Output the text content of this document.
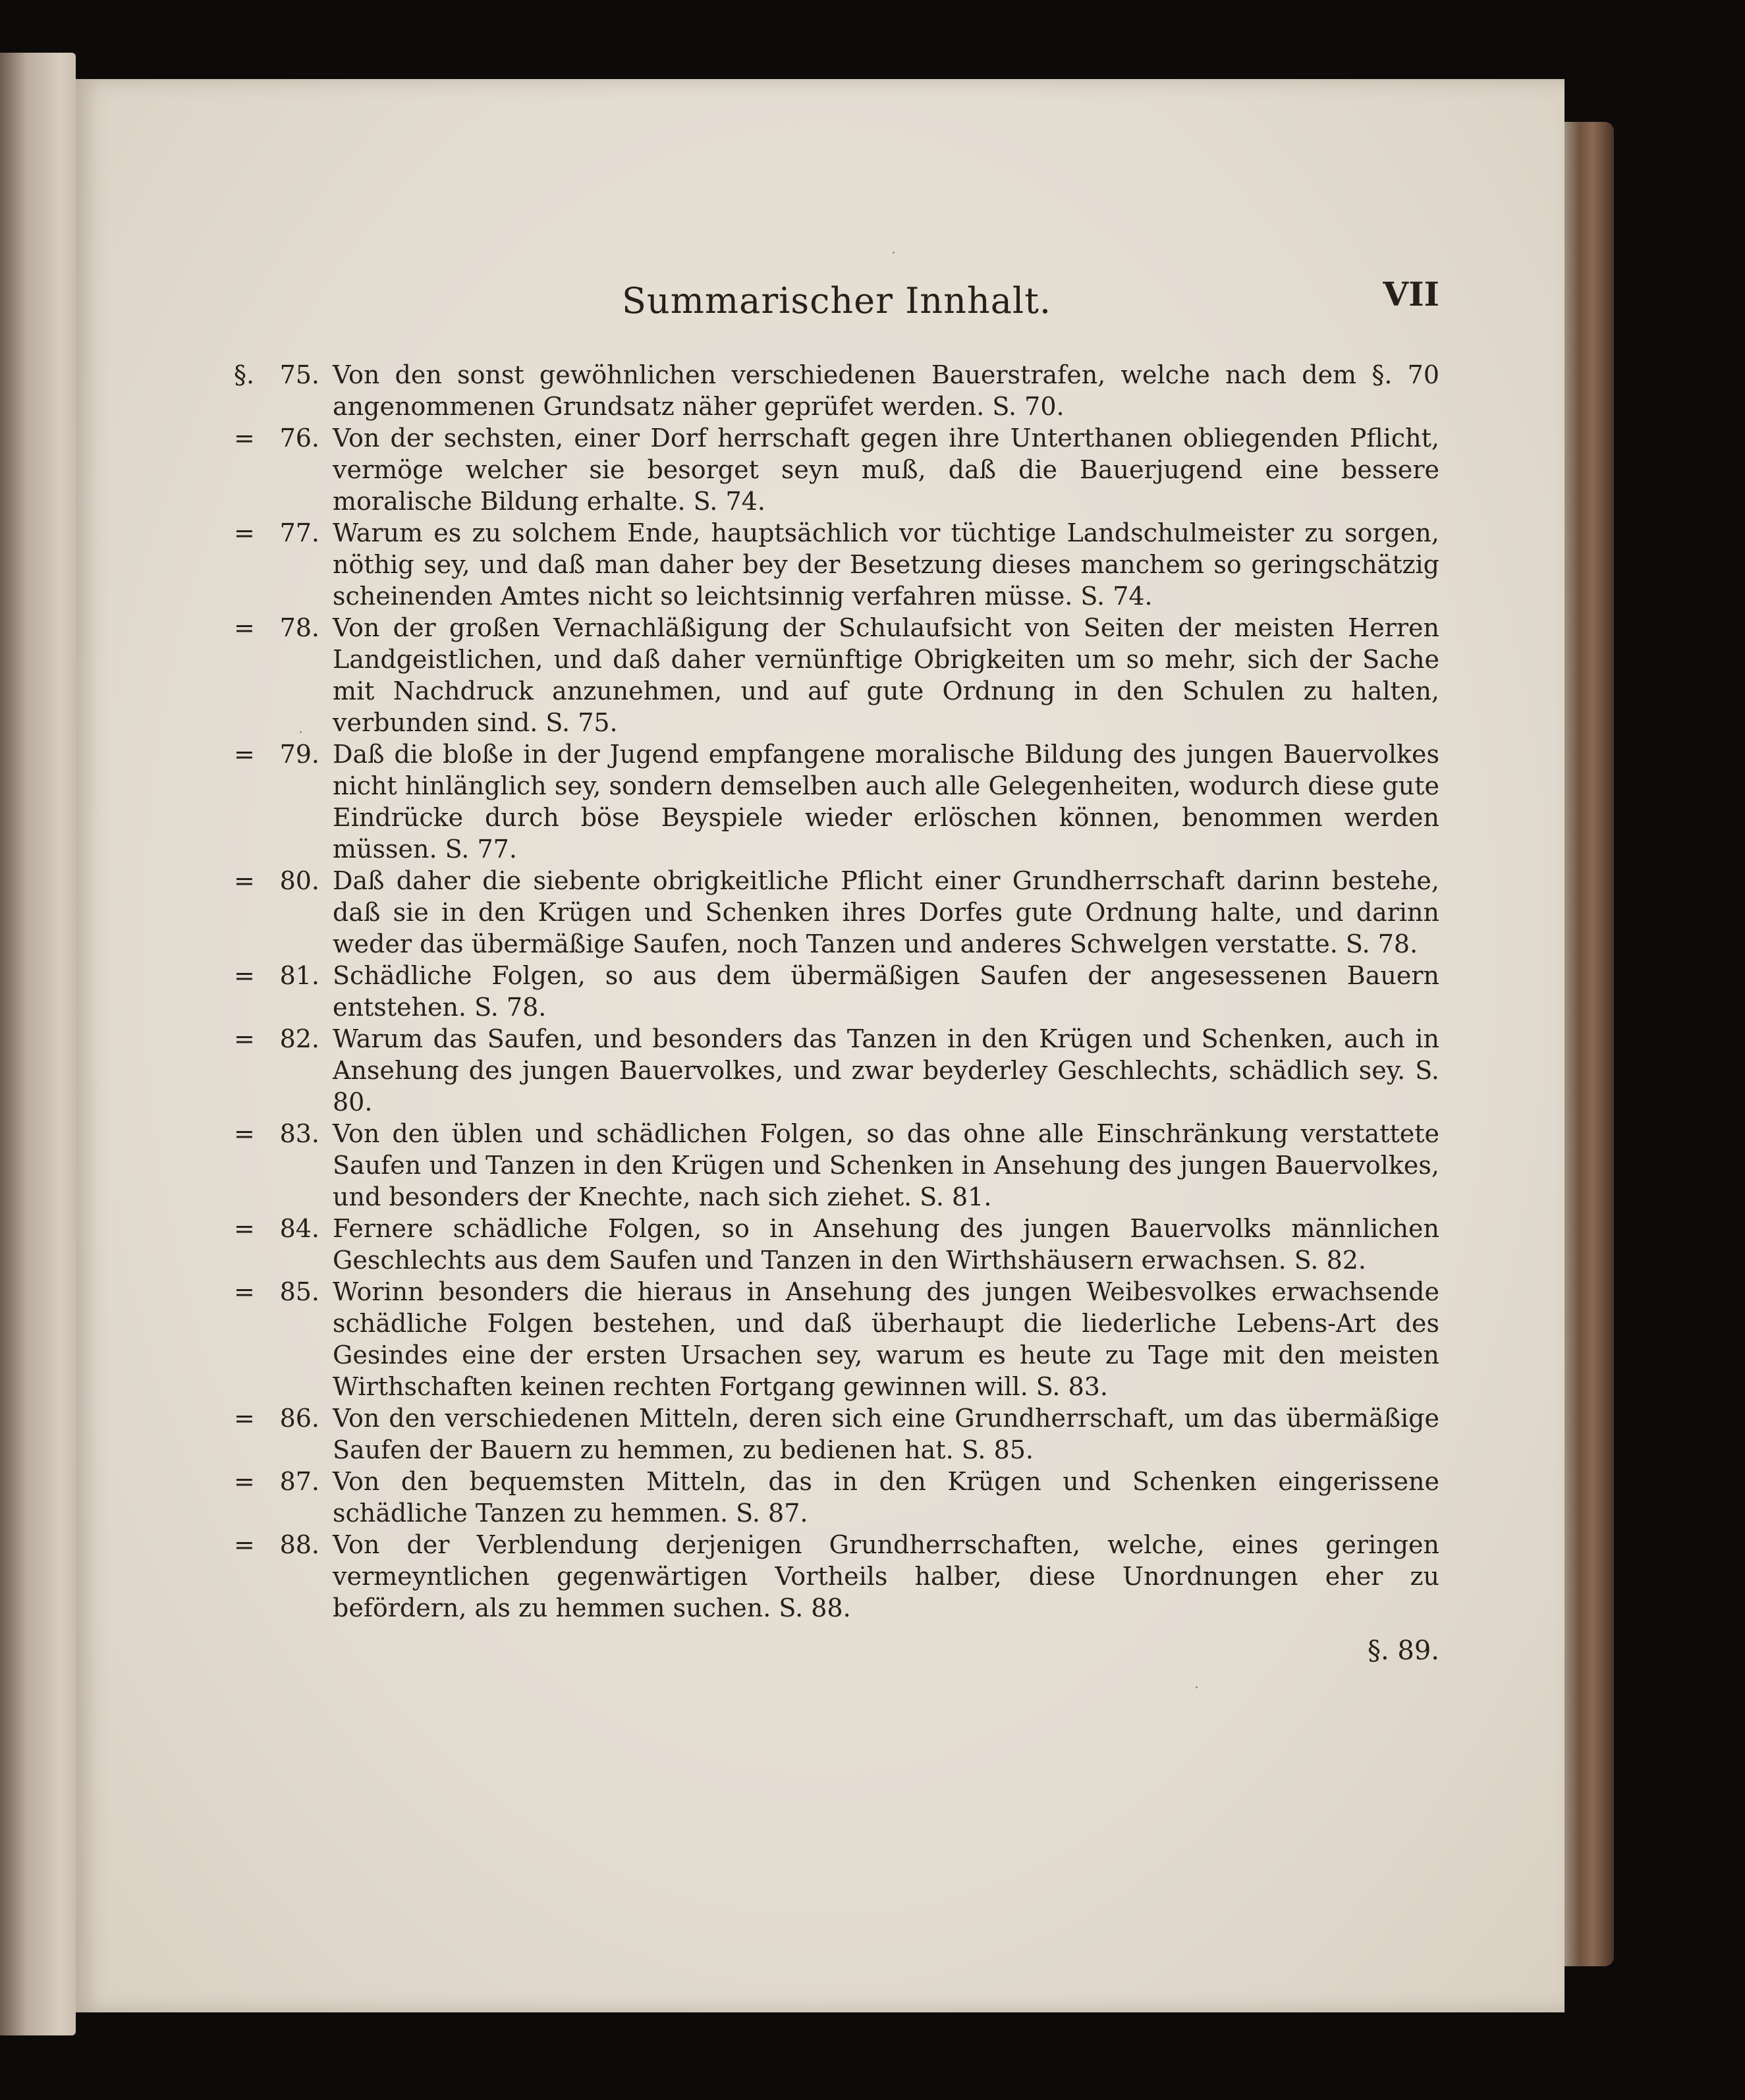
Summarischer Innhalt.	VII
§. 75. Von den sonst gewöhnlichen verschiedenen Bauerstrafen, welche nach dem §. 70 angenommenen Grundsatz näher geprüfet werden. S. 70.
= 76. Von der sechsten, einer Dorf herrschaft gegen ihre Unterthanen obliegenden Pflicht, vermöge welcher sie besorget seyn muß, daß die Bauerjugend eine bessere moralische Bildung erhalte. S. 74.
= 77. Warum es zu solchem Ende, hauptsächlich vor tüchtige Landschulmeister zu sorgen, nöthig sey, und daß man daher bey der Besetzung dieses manchem so geringschätzig scheinenden Amtes nicht so leichtsinnig verfahren müsse. S. 74.
= 78. Von der großen Vernachläßigung der Schulaufsicht von Seiten der meisten Herren Landgeistlichen, und daß daher vernünftige Obrigkeiten um so mehr, sich der Sache mit Nachdruck anzunehmen, und auf gute Ordnung in den Schulen zu halten, verbunden sind. S. 75.
= 79. Daß die bloße in der Jugend empfangene moralische Bildung des jungen Bauervolkes nicht hinlänglich sey, sondern demselben auch alle Gelegenheiten, wodurch diese gute Eindrücke durch böse Beyspiele wieder erlöschen können, benommen werden müssen. S. 77.
= 80. Daß daher die siebente obrigkeitliche Pflicht einer Grundherrschaft darinn bestehe, daß sie in den Krügen und Schenken ihres Dorfes gute Ordnung halte, und darinn weder das übermäßige Saufen, noch Tanzen und anderes Schwelgen verstatte. S. 78.
= 81. Schädliche Folgen, so aus dem übermäßigen Saufen der angesessenen Bauern entstehen. S. 78.
= 82. Warum das Saufen, und besonders das Tanzen in den Krügen und Schenken, auch in Ansehung des jungen Bauervolkes, und zwar beyderley Geschlechts, schädlich sey. S. 80.
= 83. Von den üblen und schädlichen Folgen, so das ohne alle Einschränkung verstattete Saufen und Tanzen in den Krügen und Schenken in Ansehung des jungen Bauervolkes, und besonders der Knechte, nach sich ziehet. S. 81.
= 84. Fernere schädliche Folgen, so in Ansehung des jungen Bauervolks männlichen Geschlechts aus dem Saufen und Tanzen in den Wirthshäusern erwachsen. S. 82.
= 85. Worinn besonders die hieraus in Ansehung des jungen Weibesvolkes erwachsende schädliche Folgen bestehen, und daß überhaupt die liederliche Lebens-Art des Gesindes eine der ersten Ursachen sey, warum es heute zu Tage mit den meisten Wirthschaften keinen rechten Fortgang gewinnen will. S. 83.
= 86. Von den verschiedenen Mitteln, deren sich eine Grundherrschaft, um das übermäßige Saufen der Bauern zu hemmen, zu bedienen hat. S. 85.
= 87. Von den bequemsten Mitteln, das in den Krügen und Schenken eingerissene schädliche Tanzen zu hemmen. S. 87.
= 88. Von der Verblendung derjenigen Grundherrschaften, welche, eines geringen vermeyntlichen gegenwärtigen Vortheils halber, diese Unordnungen eher zu befördern, als zu hemmen suchen. S. 88.
§. 89.
